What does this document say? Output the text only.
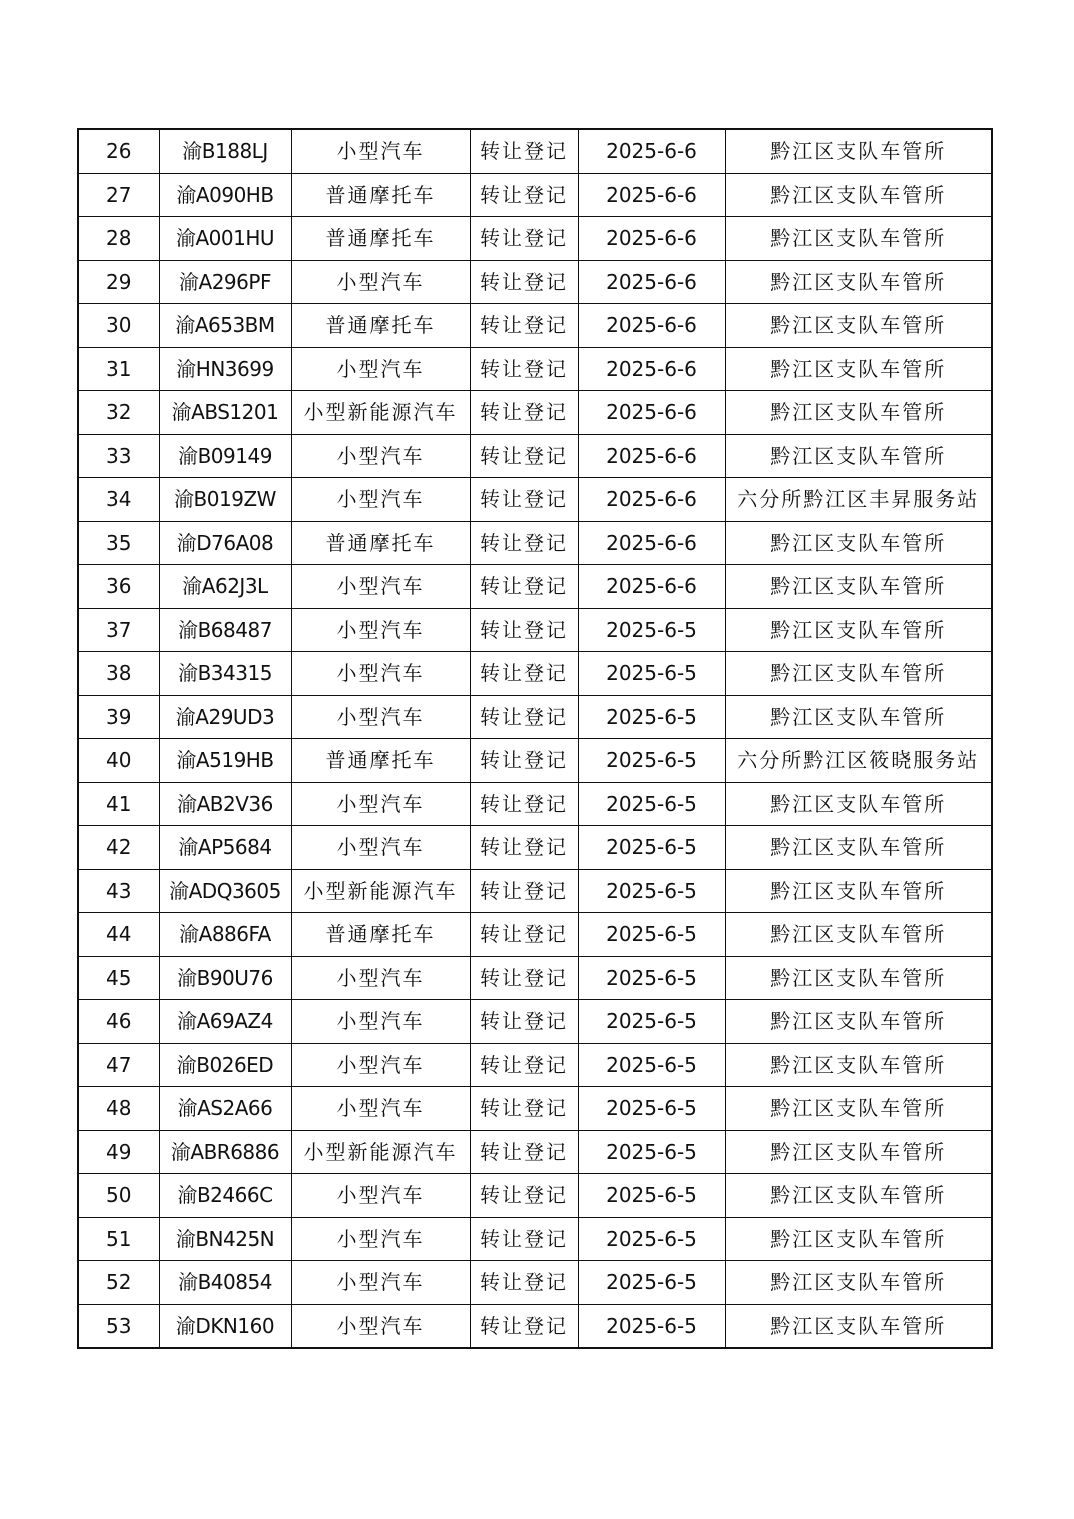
26	渝B188LJ	小型汽车	转让登记	2025-6-6	黔江区支队车管所
27	渝A090HB	普通摩托车	转让登记	2025-6-6	黔江区支队车管所
28	渝A001HU	普通摩托车	转让登记	2025-6-6	黔江区支队车管所
29	渝A296PF	小型汽车	转让登记	2025-6-6	黔江区支队车管所
30	渝A653BM	普通摩托车	转让登记	2025-6-6	黔江区支队车管所
31	渝HN3699	小型汽车	转让登记	2025-6-6	黔江区支队车管所
32	渝ABS1201	小型新能源汽车	转让登记	2025-6-6	黔江区支队车管所
33	渝B09149	小型汽车	转让登记	2025-6-6	黔江区支队车管所
34	渝B019ZW	小型汽车	转让登记	2025-6-6	六分所黔江区丰昇服务站
35	渝D76A08	普通摩托车	转让登记	2025-6-6	黔江区支队车管所
36	渝A62J3L	小型汽车	转让登记	2025-6-6	黔江区支队车管所
37	渝B68487	小型汽车	转让登记	2025-6-5	黔江区支队车管所
38	渝B34315	小型汽车	转让登记	2025-6-5	黔江区支队车管所
39	渝A29UD3	小型汽车	转让登记	2025-6-5	黔江区支队车管所
40	渝A519HB	普通摩托车	转让登记	2025-6-5	六分所黔江区筱晓服务站
41	渝AB2V36	小型汽车	转让登记	2025-6-5	黔江区支队车管所
42	渝AP5684	小型汽车	转让登记	2025-6-5	黔江区支队车管所
43	渝ADQ3605	小型新能源汽车	转让登记	2025-6-5	黔江区支队车管所
44	渝A886FA	普通摩托车	转让登记	2025-6-5	黔江区支队车管所
45	渝B90U76	小型汽车	转让登记	2025-6-5	黔江区支队车管所
46	渝A69AZ4	小型汽车	转让登记	2025-6-5	黔江区支队车管所
47	渝B026ED	小型汽车	转让登记	2025-6-5	黔江区支队车管所
48	渝AS2A66	小型汽车	转让登记	2025-6-5	黔江区支队车管所
49	渝ABR6886	小型新能源汽车	转让登记	2025-6-5	黔江区支队车管所
50	渝B2466C	小型汽车	转让登记	2025-6-5	黔江区支队车管所
51	渝BN425N	小型汽车	转让登记	2025-6-5	黔江区支队车管所
52	渝B40854	小型汽车	转让登记	2025-6-5	黔江区支队车管所
53	渝DKN160	小型汽车	转让登记	2025-6-5	黔江区支队车管所
